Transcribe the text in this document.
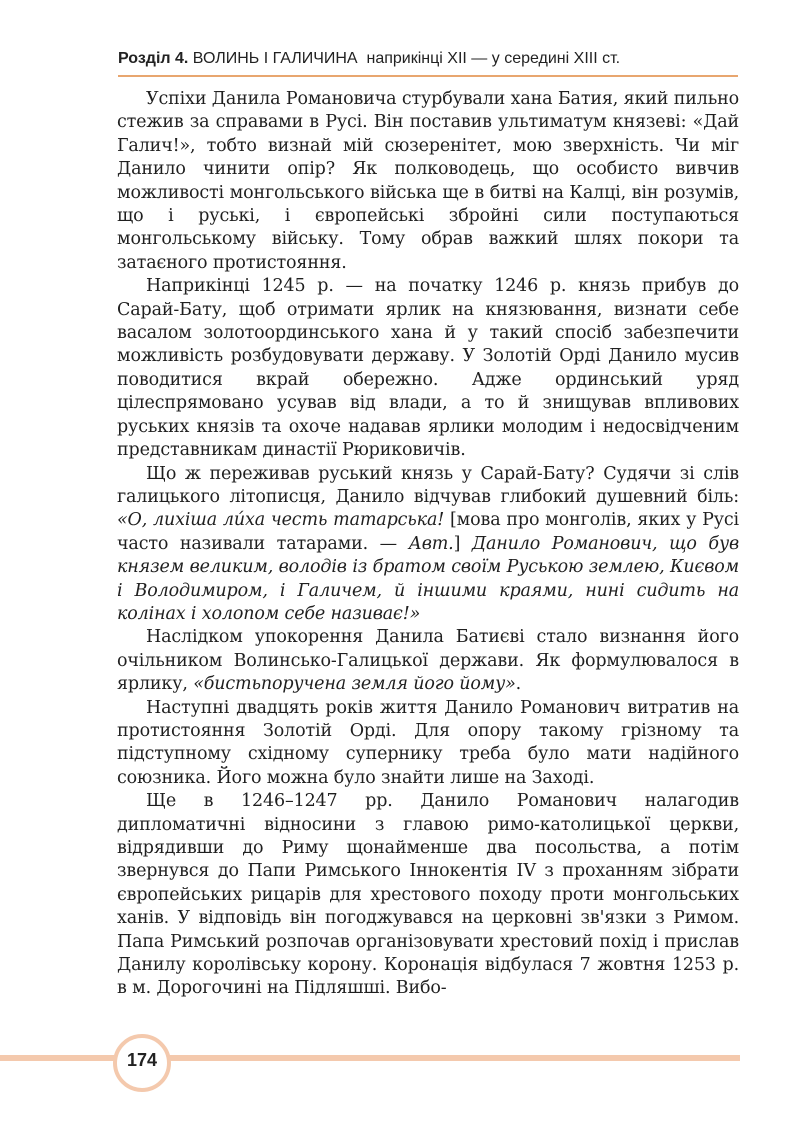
Розділ 4. ВОЛИНЬ І ГАЛИЧИНА наприкінці XII — у середині XIII ст.

Успіхи Данила Романовича стурбували хана Батия, який пильно стежив за справами в Русі. Він поставив ультиматум князеві: «Дай Галич!», тобто визнай мій сюзеренітет, мою зверхність. Чи міг Данило чинити опір? Як полководець, що особисто вивчив можливості монгольського війська ще в битві на Калці, він розумів, що і руські, і європейські збройні сили поступаються монгольському війську. Тому обрав важкий шлях покори та затаєного протистояння.

Наприкінці 1245 р. — на початку 1246 р. князь прибув до Сарай-Бату, щоб отримати ярлик на князювання, визнати себе васалом золотоординського хана й у такий спосіб забезпечити можливість розбудовувати державу. У Золотій Орді Данило мусив поводитися вкрай обережно. Адже ординський уряд цілеспрямовано усував від влади, а то й знищував впливових руських князів та охоче надавав ярлики молодим і недосвідченим представникам династії Рюриковичів.

Що ж переживав руський князь у Сарай-Бату? Судячи зі слів галицького літописця, Данило відчував глибокий душевний біль: «О, лихіша ли́ха честь татарська! [мова про монголів, яких у Русі часто називали татарами. — Авт.] Данило Романович, що був князем великим, володів із братом своїм Руською землею, Києвом і Володимиром, і Галичем, й іншими краями, нині сидить на колінах і холопом себе називає!»

Наслідком упокорення Данила Батиєві стало визнання його очільником Волинсько-Галицької держави. Як формулювалося в ярлику, «бистьпоручена земля його йому».

Наступні двадцять років життя Данило Романович витратив на протистояння Золотій Орді. Для опору такому грізному та підступному східному супернику треба було мати надійного союзника. Його можна було знайти лише на Заході.

Ще в 1246–1247 рр. Данило Романович налагодив дипломатичні відносини з главою римо-католицької церкви, відрядивши до Риму щонайменше два посольства, а потім звернувся до Папи Римського Іннокентія IV з проханням зібрати європейських рицарів для хрестового походу проти монгольських ханів. У відповідь він погоджувався на церковні зв'язки з Римом. Папа Римський розпочав організовувати хрестовий похід і прислав Данилу королівську корону. Коронація відбулася 7 жовтня 1253 р. в м. Дорогочині на Підляшші. Вибо-

174
